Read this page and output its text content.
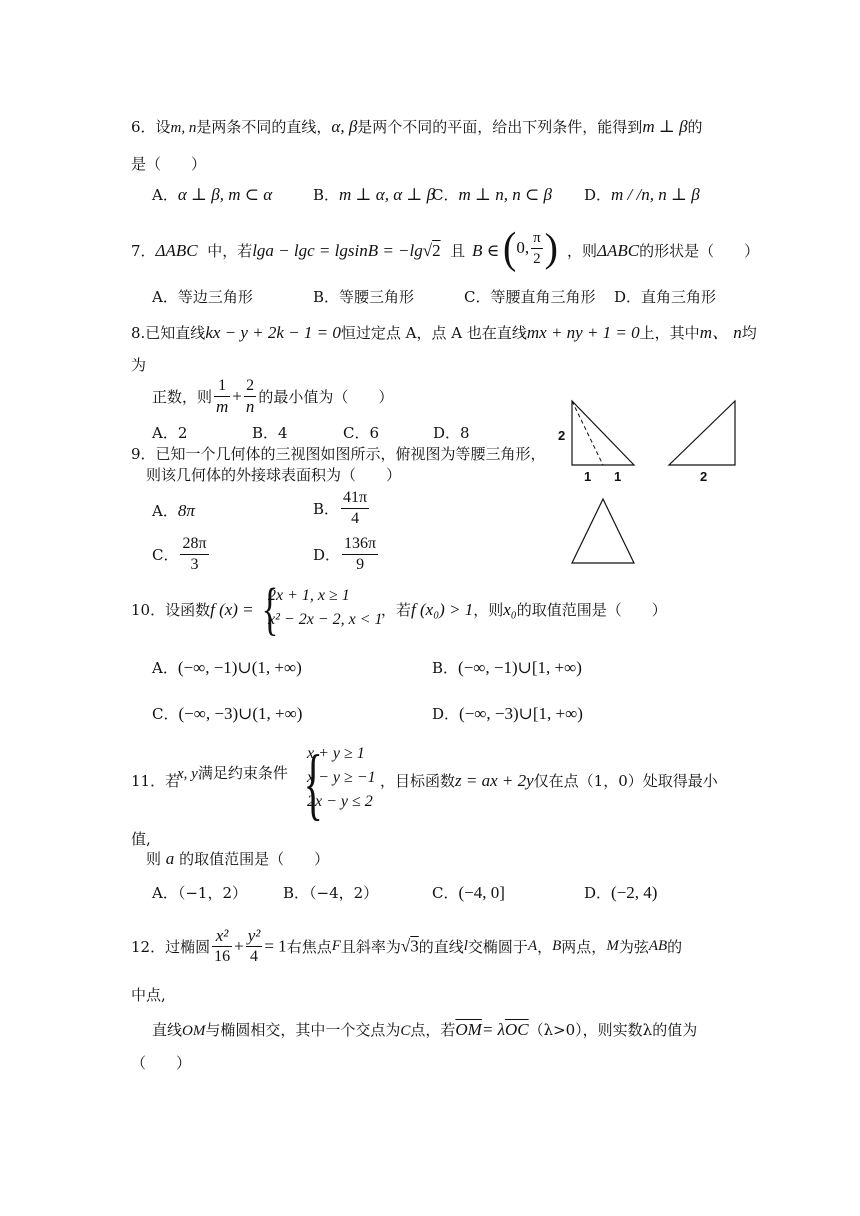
6．设m, n是两条不同的直线，α, β是两个不同的平面，给出下列条件，能得到m ⊥ β的
是（　　）
A．α ⊥ β, m ⊂ α	B．m ⊥ α, α ⊥ β
C．m ⊥ n, n ⊂ β D．m / /n, n ⊥ β
7．ΔABC 中，若lga − lgc = lgsinB = −lg√2 且 B ∈ (0, $\frac{\pi}{2}$ ) ，则ΔABC的形状是（　　）
A．等边三角形	B．等腰三角形	C．等腰直角三角形 D．直角三角形
8.已知直线kx − y + 2k − 1 = 0恒过定点 A，点 A 也在直线mx + ny + 1 = 0上，其中m、 n均
为
正数，则 $\frac{1}{m} + \frac{2}{n}$ 的最小值为（　　）
A．2	B．4	C．6	D．8
9．已知一个几何体的三视图如图所示，俯视图为等腰三角形，
则该几何体的外接球表面积为（　　）
A．8π	B． $\frac{41\pi}{4}$
C． $\frac{28\pi}{3}$	D． $\frac{136\pi}{9}$
2
1 1	2
10．设函数f (x) = {
2x + 1, x ≥ 1
x² − 2x − 2, x < 1
，若f (x₀) > 1，则x₀的取值范围是（　　）
A．(−∞, −1)∪(1, +∞)	B．(−∞, −1)∪[1, +∞)
C．(−∞, −3)∪(1, +∞)	D．(−∞, −3)∪[1, +∞)
11．若
x, y满足约束条件 {
x + y ≥ 1
x − y ≥ −1
2x − y ≤ 2
，目标函数z = ax + 2y仅在点（1，0）处取得最小
值,
则 a 的取值范围是（　　）
A．（−1，2） B．（−4，2）	C．(−4, 0]	D．(−2, 4)
12．过椭圆 $\frac{\text{x²}}{16} + \frac{\text{y²}}{4} = 1$右焦点F且斜率为√3的直线l交椭圆于A，B两点，M为弦AB的
中点,
直线OM与椭圆相交，其中一个交点为C点，若$\overline{OM}= \lambda\overline{OC}(\lambda>0)$，则实数λ的值为
（　　）
